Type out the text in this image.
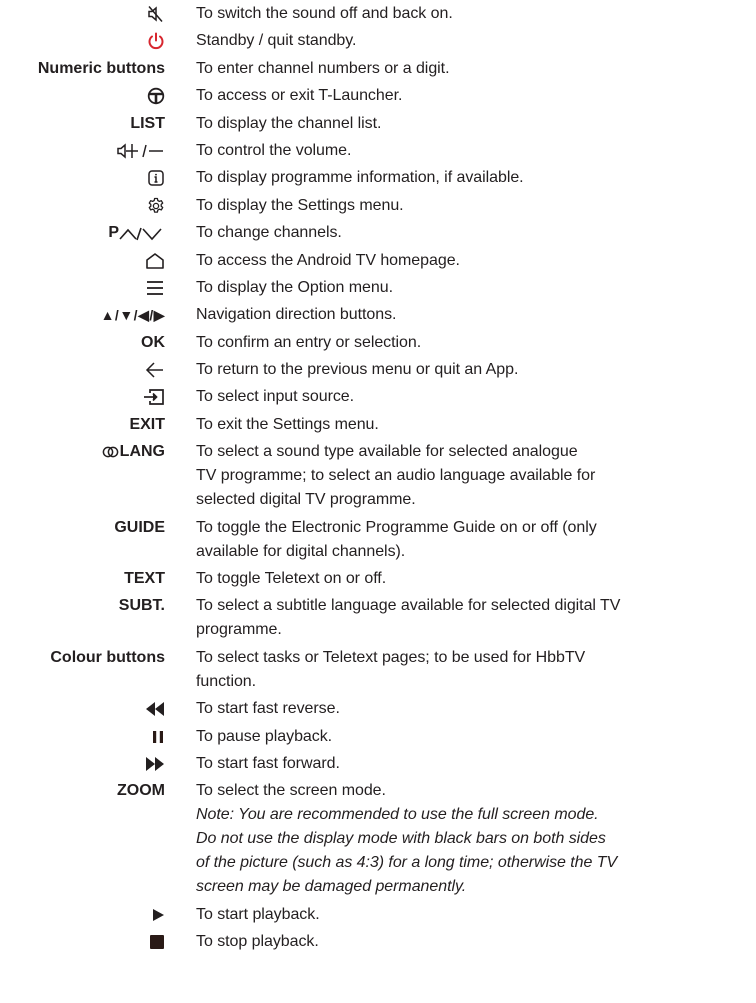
To switch the sound off and back on.
Standby / quit standby.
Numeric buttons To enter channel numbers or a digit.
To access or exit T-Launcher.
LIST To display the channel list.
To control the volume.
To display programme information, if available.
To display the Settings menu.
P	To change channels.
To access the Android TV homepage.
To display the Option menu.
▲/▼/◀/▶ Navigation direction buttons.
OK To confirm an entry or selection.
To return to the previous menu or quit an App.
To select input source.
EXIT To exit the Settings menu.
LANG To select a sound type available for selected analogue
TV programme; to select an audio language available for
selected digital TV programme.
GUIDE To toggle the Electronic Programme Guide on or off (only
available for digital channels).
TEXT To toggle Teletext on or off.
SUBT. To select a subtitle language available for selected digital TV
programme.
Colour buttons To select tasks or Teletext pages; to be used for HbbTV
function.
To start fast reverse.
To pause playback.
To start fast forward.
ZOOM To select the screen mode.
Note: You are recommended to use the full screen mode.
Do not use the display mode with black bars on both sides
of the picture (such as 4:3) for a long time; otherwise the TV
screen may be damaged permanently.
To start playback.
To stop playback.
